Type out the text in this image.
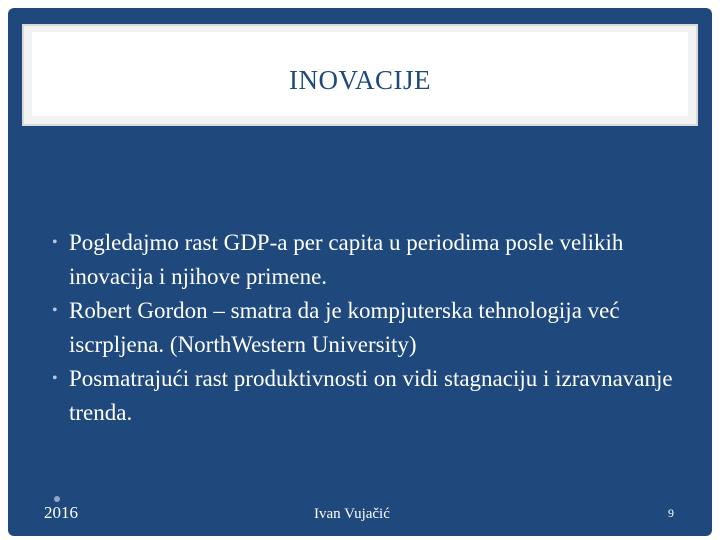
INOVACIJE
• Pogledajmo rast GDP-a per capita u periodima posle velikih inovacija i njihove primene.
• Robert Gordon – smatra da je kompjuterska tehnologija već iscrpljena. (NorthWestern University)
• Posmatrajući rast produktivnosti on vidi stagnaciju i izravnavanje trenda.
2016	Ivan Vujačić	9
